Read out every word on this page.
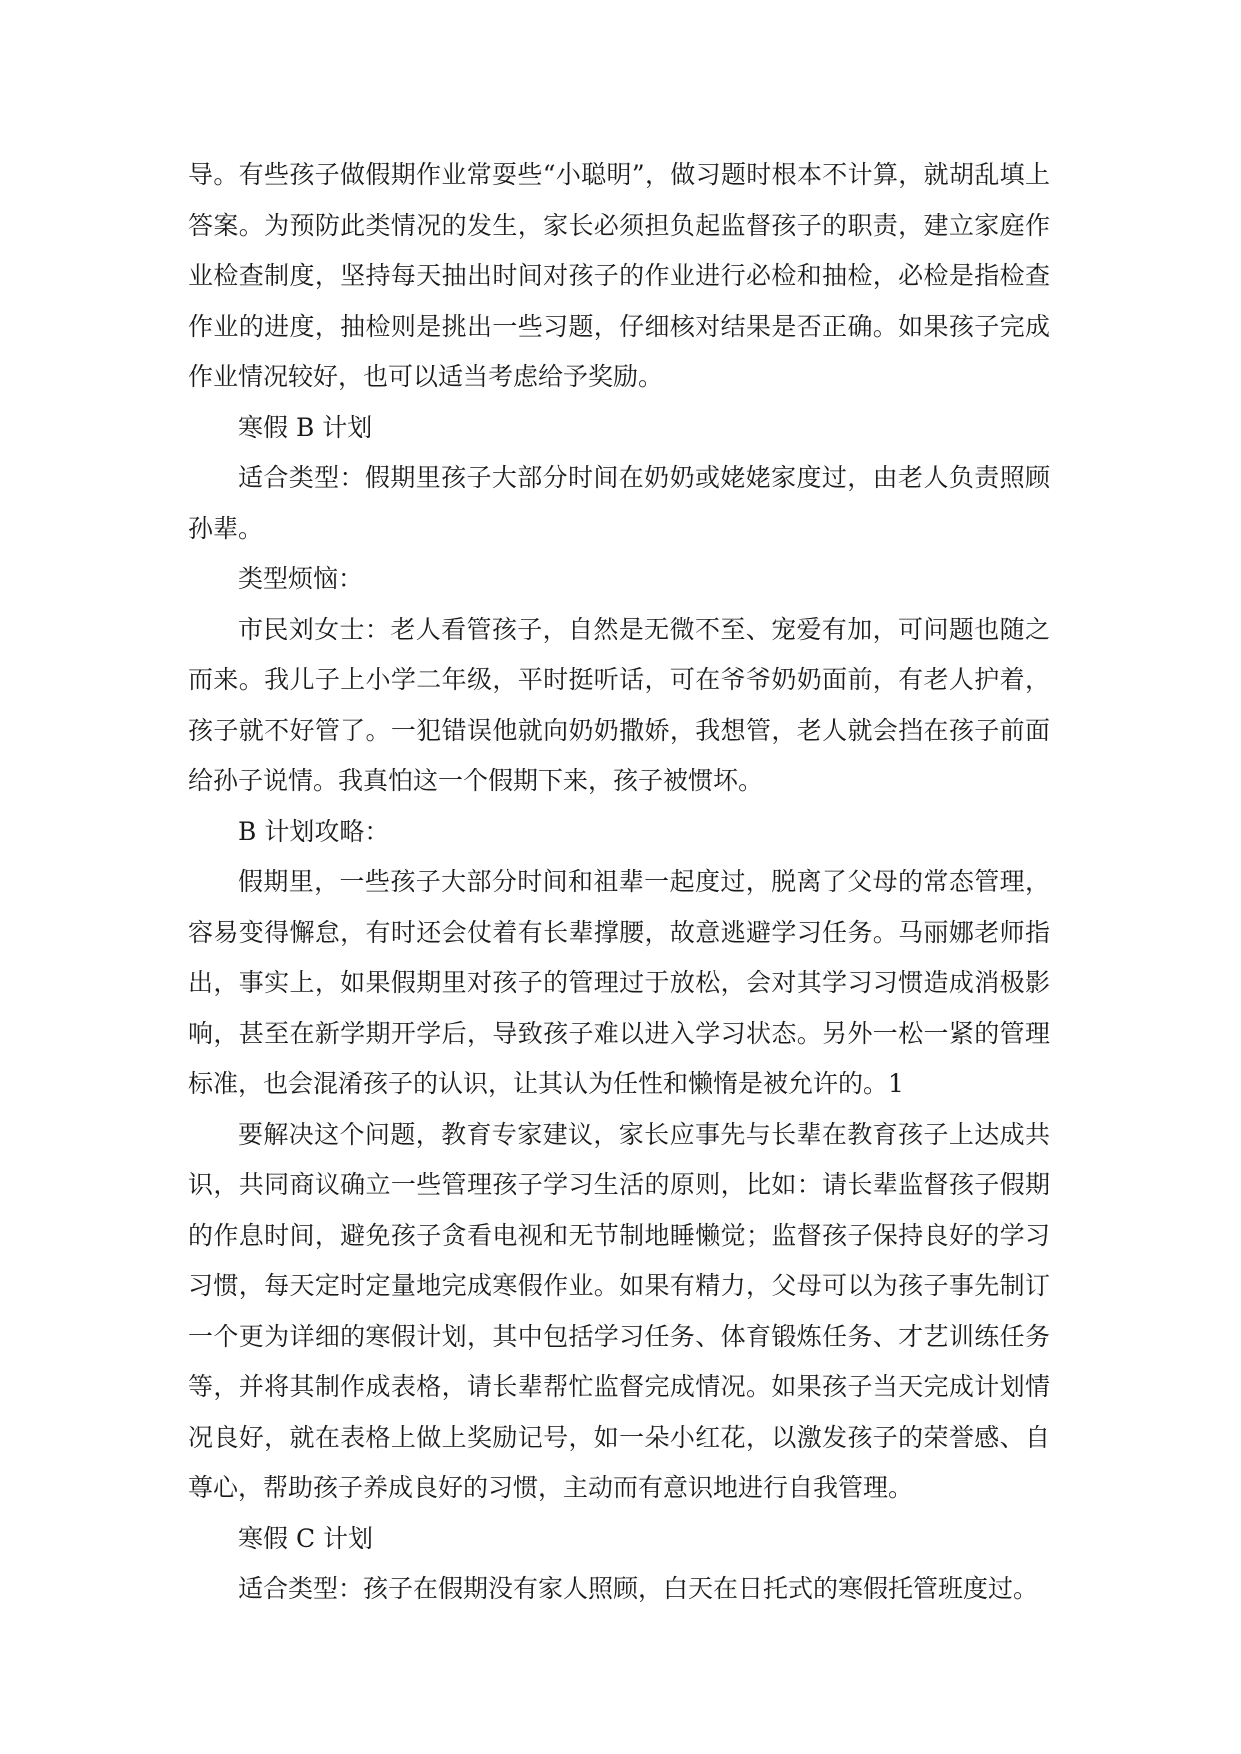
导。有些孩子做假期作业常耍些“小聪明”，做习题时根本不计算，就胡乱填上答案。为预防此类情况的发生，家长必须担负起监督孩子的职责，建立家庭作业检查制度，坚持每天抽出时间对孩子的作业进行必检和抽检，必检是指检查作业的进度，抽检则是挑出一些习题，仔细核对结果是否正确。如果孩子完成作业情况较好，也可以适当考虑给予奖励。

寒假 B 计划

适合类型：假期里孩子大部分时间在奶奶或姥姥家度过，由老人负责照顾孙辈。

类型烦恼：

市民刘女士：老人看管孩子，自然是无微不至、宠爱有加，可问题也随之而来。我儿子上小学二年级，平时挺听话，可在爷爷奶奶面前，有老人护着，孩子就不好管了。一犯错误他就向奶奶撒娇，我想管，老人就会挡在孩子前面给孙子说情。我真怕这一个假期下来，孩子被惯坏。

B 计划攻略：

假期里，一些孩子大部分时间和祖辈一起度过，脱离了父母的常态管理，容易变得懈怠，有时还会仗着有长辈撑腰，故意逃避学习任务。马丽娜老师指出，事实上，如果假期里对孩子的管理过于放松，会对其学习习惯造成消极影响，甚至在新学期开学后，导致孩子难以进入学习状态。另外一松一紧的管理标准，也会混淆孩子的认识，让其认为任性和懒惰是被允许的。1

要解决这个问题，教育专家建议，家长应事先与长辈在教育孩子上达成共识，共同商议确立一些管理孩子学习生活的原则，比如：请长辈监督孩子假期的作息时间，避免孩子贪看电视和无节制地睡懒觉；监督孩子保持良好的学习习惯，每天定时定量地完成寒假作业。如果有精力，父母可以为孩子事先制订一个更为详细的寒假计划，其中包括学习任务、体育锻炼任务、才艺训练任务等，并将其制作成表格，请长辈帮忙监督完成情况。如果孩子当天完成计划情况良好，就在表格上做上奖励记号，如一朵小红花，以激发孩子的荣誉感、自尊心，帮助孩子养成良好的习惯，主动而有意识地进行自我管理。

寒假 C 计划

适合类型：孩子在假期没有家人照顾，白天在日托式的寒假托管班度过。
